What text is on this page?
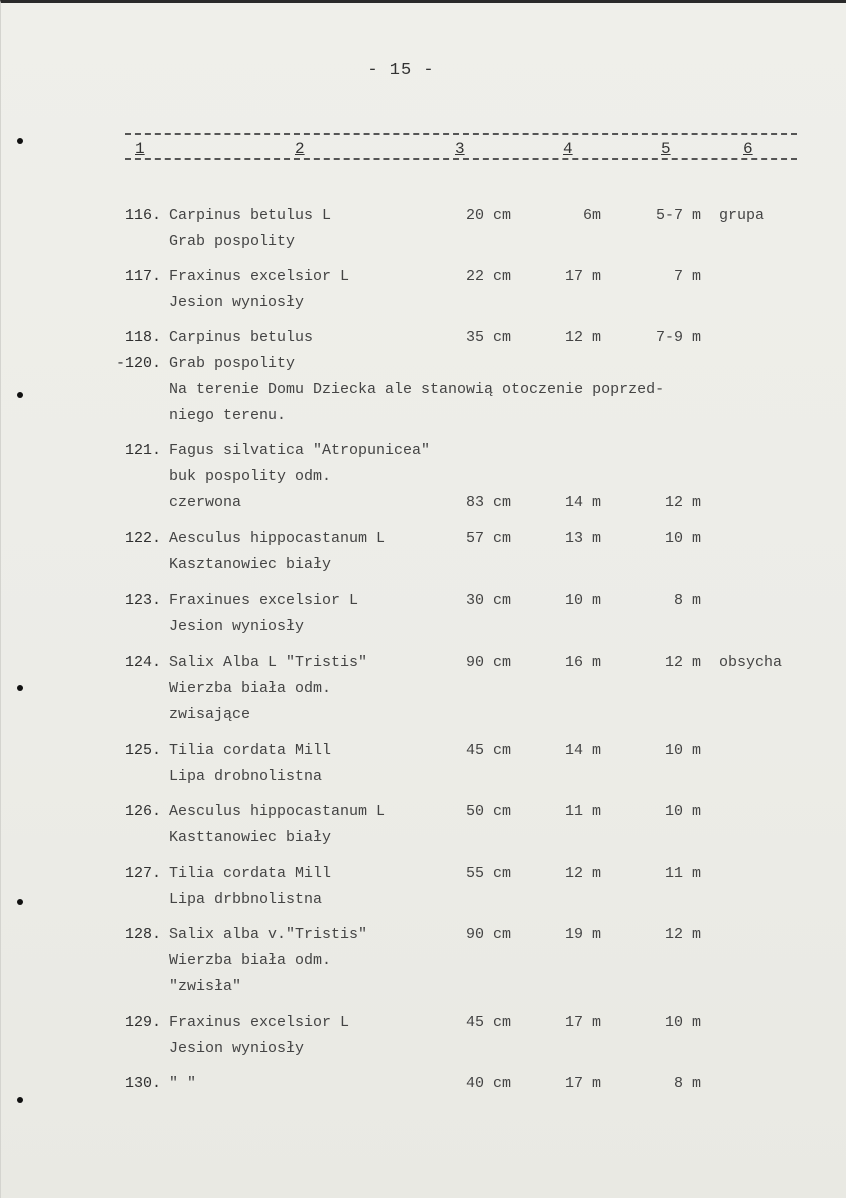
- 15 -
1	2	3	4	5	6
116. Carpinus betulus L
Grab pospolity
20 cm	6m	5-7 m grupa
117. Fraxinus excelsior L
Jesion wyniosły
22 cm	17 m	7 m
118.
-120.
Carpinus betulus
Grab pospolity
35 cm	12 m	7-9 m
Na terenie Domu Dziecka ale stanowią otoczenie poprzed-
niego terenu.
121. Fagus silvatica "Atropunicea"
buk pospolity odm.
czerwona	83 cm	14 m	12 m
122. Aesculus hippocastanum L
Kasztanowiec biały
57 cm	13 m	10 m
123. Fraxinues excelsior L
Jesion wyniosły
30 cm	10 m	8 m
124. Salix Alba L "Tristis"
Wierzba biała odm.
zwisające
90 cm	16 m	12 m obsycha
125. Tilia cordata Mill
Lipa drobnolistna
45 cm	14 m	10 m
126. Aesculus hippocastanum L
Kasttanowiec biały
50 cm	11 m	10 m
127. Tilia cordata Mill
Lipa drbbnolistna
55 cm	12 m	11 m
128. Salix alba v."Tristis"
Wierzba biała odm.
"zwisła"
90 cm	19 m	12 m
129. Fraxinus excelsior L
Jesion wyniosły
45 cm	17 m	10 m
130. " "	40 cm	17 m	8 m
